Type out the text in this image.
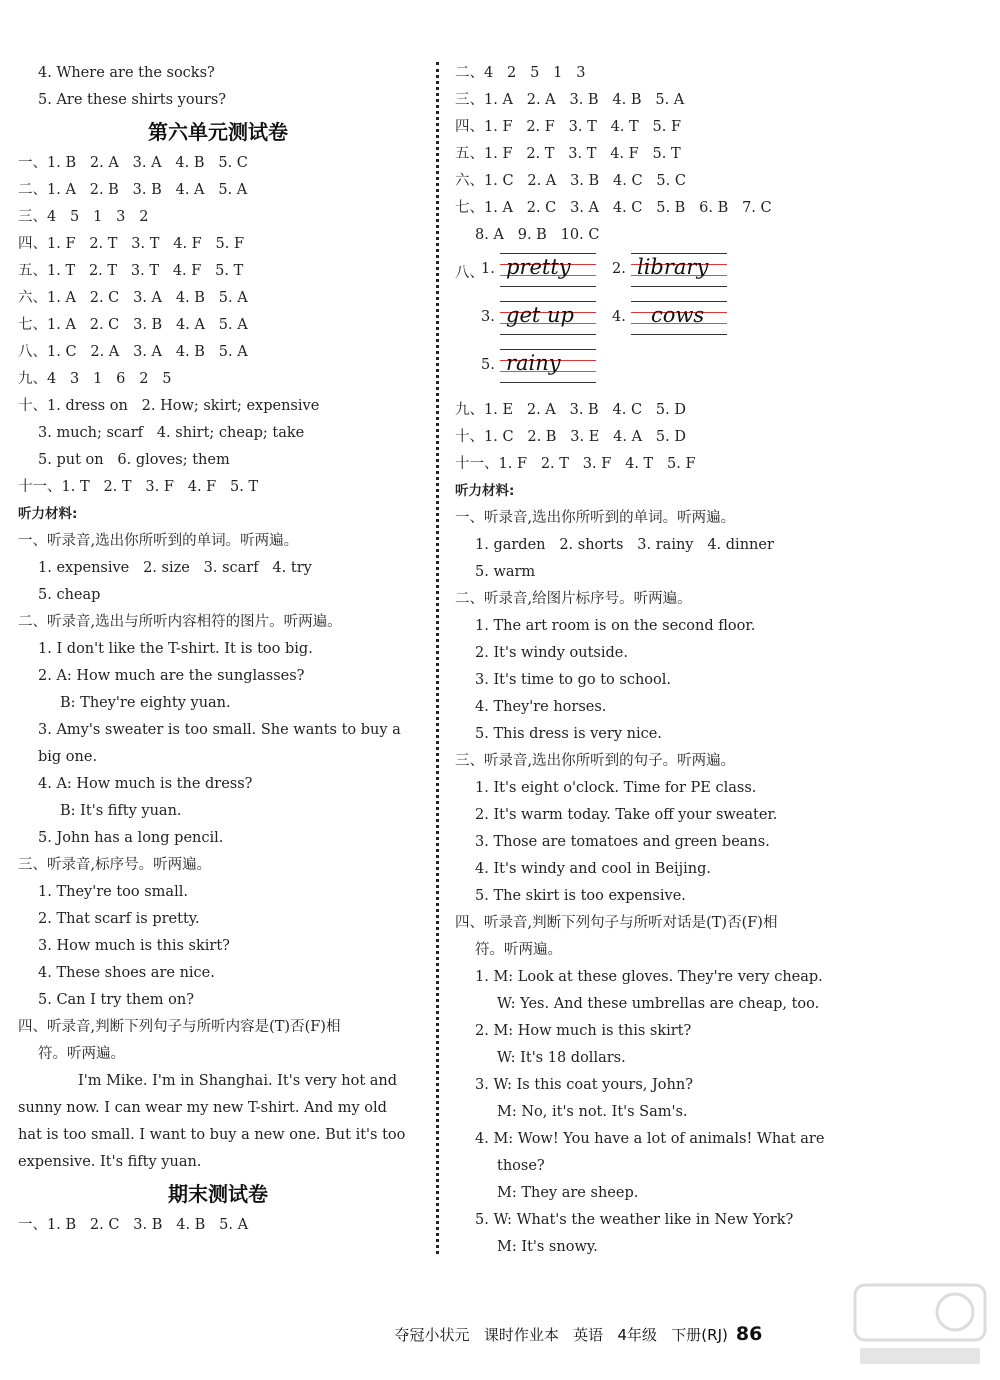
4. Where are the socks?
5. Are these shirts yours?
第六单元测试卷
一、1. B   2. A   3. A   4. B   5. C
二、1. A   2. B   3. B   4. A   5. A
三、4   5   1   3   2
四、1. F   2. T   3. T   4. F   5. F
五、1. T   2. T   3. T   4. F   5. T
六、1. A   2. C   3. A   4. B   5. A
七、1. A   2. C   3. B   4. A   5. A
八、1. C   2. A   3. A   4. B   5. A
九、4   3   1   6   2   5
十、1. dress on   2. How; skirt; expensive
3. much; scarf   4. shirt; cheap; take
5. put on   6. gloves; them
十一、1. T   2. T   3. F   4. F   5. T
听力材料:
一、听录音,选出你所听到的单词。听两遍。
1. expensive   2. size   3. scarf   4. try
5. cheap
二、听录音,选出与所听内容相符的图片。听两遍。
1. I don't like the T-shirt. It is too big.
2. A: How much are the sunglasses?
B: They're eighty yuan.
3. Amy's sweater is too small. She wants to buy a
big one.
4. A: How much is the dress?
B: It's fifty yuan.
5. John has a long pencil.
三、听录音,标序号。听两遍。
1. They're too small.
2. That scarf is pretty.
3. How much is this skirt?
4. These shoes are nice.
5. Can I try them on?
四、听录音,判断下列句子与所听内容是(T)否(F)相
符。听两遍。
I'm Mike. I'm in Shanghai. It's very hot and
sunny now. I can wear my new T-shirt. And my old
hat is too small. I want to buy a new one. But it's too
expensive. It's fifty yuan.
期末测试卷
一、1. B   2. C   3. B   4. B   5. A
二、4   2   5   1   3
三、1. A   2. A   3. B   4. B   5. A
四、1. F   2. F   3. T   4. T   5. F
五、1. F   2. T   3. T   4. F   5. T
六、1. C   2. A   3. B   4. C   5. C
七、1. A   2. C   3. A   4. C   5. B   6. B   7. C
8. A   9. B   10. C
八、
1. pretty	2. library
3. get up	4. cows
5. rainy
九、1. E   2. A   3. B   4. C   5. D
十、1. C   2. B   3. E   4. A   5. D
十一、1. F   2. T   3. F   4. T   5. F
听力材料:
一、听录音,选出你所听到的单词。听两遍。
1. garden   2. shorts   3. rainy   4. dinner
5. warm
二、听录音,给图片标序号。听两遍。
1. The art room is on the second floor.
2. It's windy outside.
3. It's time to go to school.
4. They're horses.
5. This dress is very nice.
三、听录音,选出你所听到的句子。听两遍。
1. It's eight o'clock. Time for PE class.
2. It's warm today. Take off your sweater.
3. Those are tomatoes and green beans.
4. It's windy and cool in Beijing.
5. The skirt is too expensive.
四、听录音,判断下列句子与所听对话是(T)否(F)相
符。听两遍。
1. M: Look at these gloves. They're very cheap.
W: Yes. And these umbrellas are cheap, too.
2. M: How much is this skirt?
W: It's 18 dollars.
3. W: Is this coat yours, John?
M: No, it's not. It's Sam's.
4. M: Wow! You have a lot of animals! What are
those?
M: They are sheep.
5. W: What's the weather like in New York?
M: It's snowy.

夺冠小状元   课时作业本   英语   4年级   下册(RJ) 86
